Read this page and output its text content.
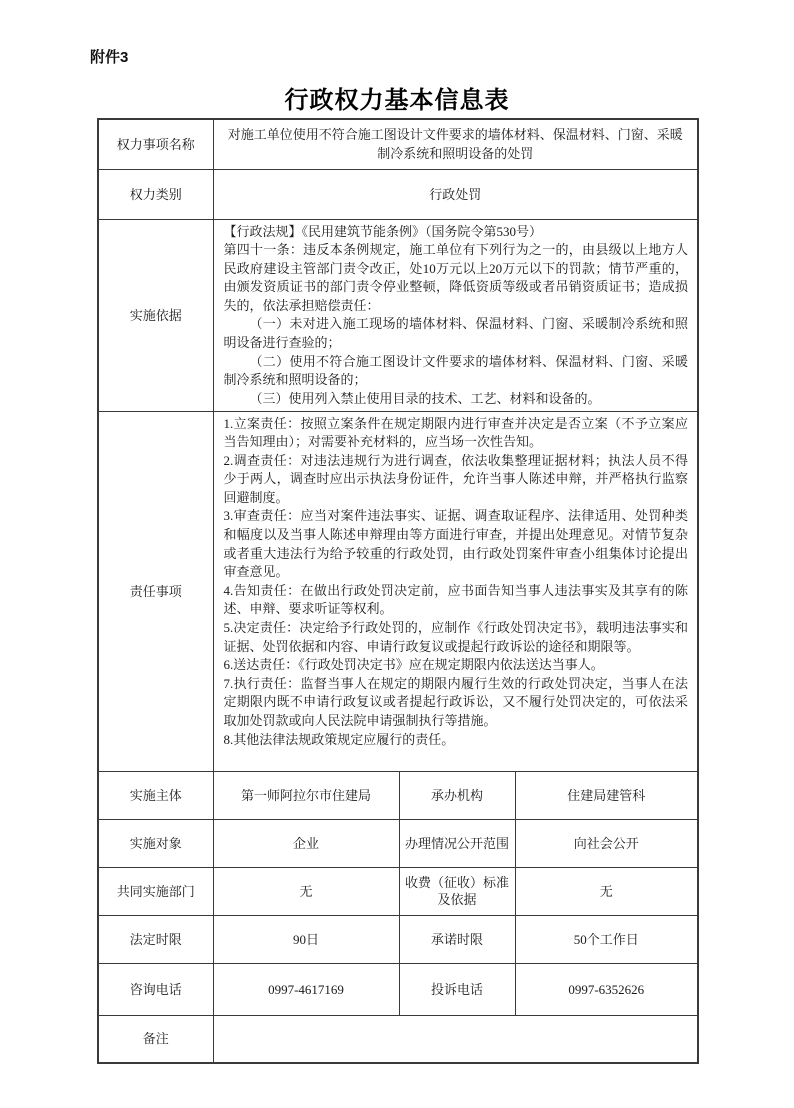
附件3
行政权力基本信息表
权力事项名称	对施工单位使用不符合施工图设计文件要求的墙体材料、保温材料、门窗、采暖制冷系统和照明设备的处罚		
权力类别	行政处罚		
实施依据	【行政法规】《民用建筑节能条例》（国务院令第530号）

第四十一条：违反本条例规定，施工单位有下列行为之一的，由县级以上地方人民政府建设主管部门责令改正，处10万元以上20万元以下的罚款；情节严重的，由颁发资质证书的部门责令停业整顿，降低资质等级或者吊销资质证书；造成损失的，依法承担赔偿责任：

（一）未对进入施工现场的墙体材料、保温材料、门窗、采暖制冷系统和照明设备进行查验的；

（二）使用不符合施工图设计文件要求的墙体材料、保温材料、门窗、采暖制冷系统和照明设备的；

（三）使用列入禁止使用目录的技术、工艺、材料和设备的。		

责任事项	

1.立案责任：按照立案条件在规定期限内进行审查并决定是否立案（不予立案应当告知理由）；对需要补充材料的，应当场一次性告知。

2.调查责任：对违法违规行为进行调查，依法收集整理证据材料；执法人员不得少于两人，调查时应出示执法身份证件，允许当事人陈述申辩，并严格执行监察回避制度。

3.审查责任：应当对案件违法事实、证据、调查取证程序、法律适用、处罚种类和幅度以及当事人陈述申辩理由等方面进行审查，并提出处理意见。对情节复杂或者重大违法行为给予较重的行政处罚，由行政处罚案件审查小组集体讨论提出审查意见。

4.告知责任：在做出行政处罚决定前，应书面告知当事人违法事实及其享有的陈述、申辩、要求听证等权利。

5.决定责任：决定给予行政处罚的，应制作《行政处罚决定书》，载明违法事实和证据、处罚依据和内容、申请行政复议或提起行政诉讼的途径和期限等。

6.送达责任：《行政处罚决定书》应在规定期限内依法送达当事人。

7.执行责任：监督当事人在规定的期限内履行生效的行政处罚决定，当事人在法定期限内既不申请行政复议或者提起行政诉讼，又不履行处罚决定的，可依法采取加处罚款或向人民法院申请强制执行等措施。

8.其他法律法规政策规定应履行的责任。

实施主体	第一师阿拉尔市住建局	承办机构	住建局建管科
实施对象	企业	办理情况公开范围	向社会公开
共同实施部门	无	收费（征收）标准及依据	无
法定时限	90日	承诺时限	50个工作日
咨询电话	0997-4617169	投诉电话	0997-6352626
备注			
